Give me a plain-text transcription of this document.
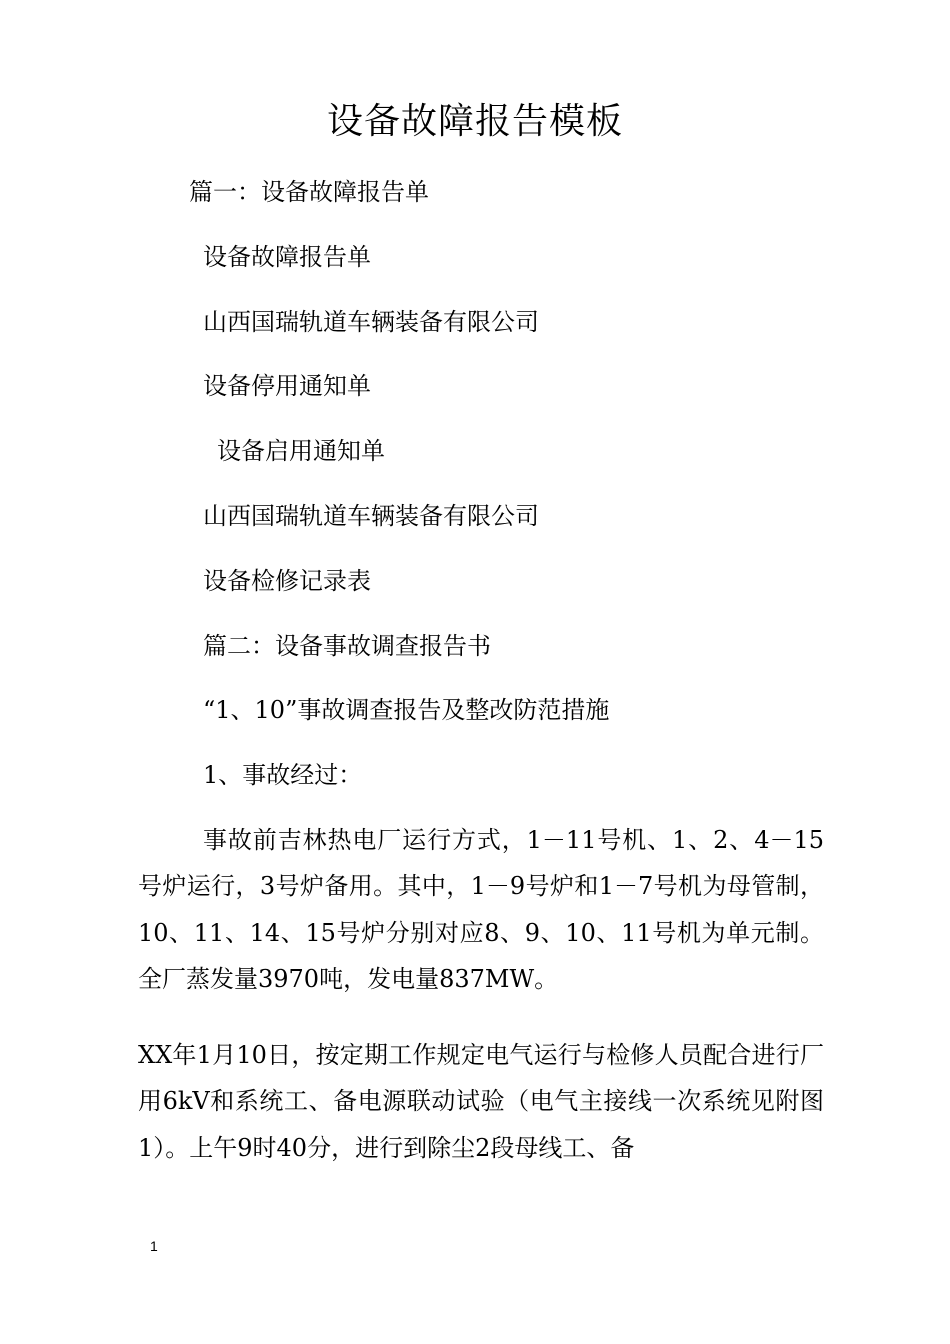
设备故障报告模板
篇一：设备故障报告单
设备故障报告单
山西国瑞轨道车辆装备有限公司
设备停用通知单
设备启用通知单
山西国瑞轨道车辆装备有限公司
设备检修记录表
篇二：设备事故调查报告书
“1、10”事故调查报告及整改防范措施
1、事故经过：
事故前吉林热电厂运行方式，1－11号机、1、2、4－15号炉运行，3号炉备用。其中，1－9号炉和1－7号机为母管制，10、11、14、15号炉分别对应8、9、10、11号机为单元制。全厂蒸发量3970吨，发电量837MW。
XX年1月10日，按定期工作规定电气运行与检修人员配合进行厂用6kV和系统工、备电源联动试验（电气主接线一次系统见附图1）。上午9时40分，进行到除尘2段母线工、备
1
